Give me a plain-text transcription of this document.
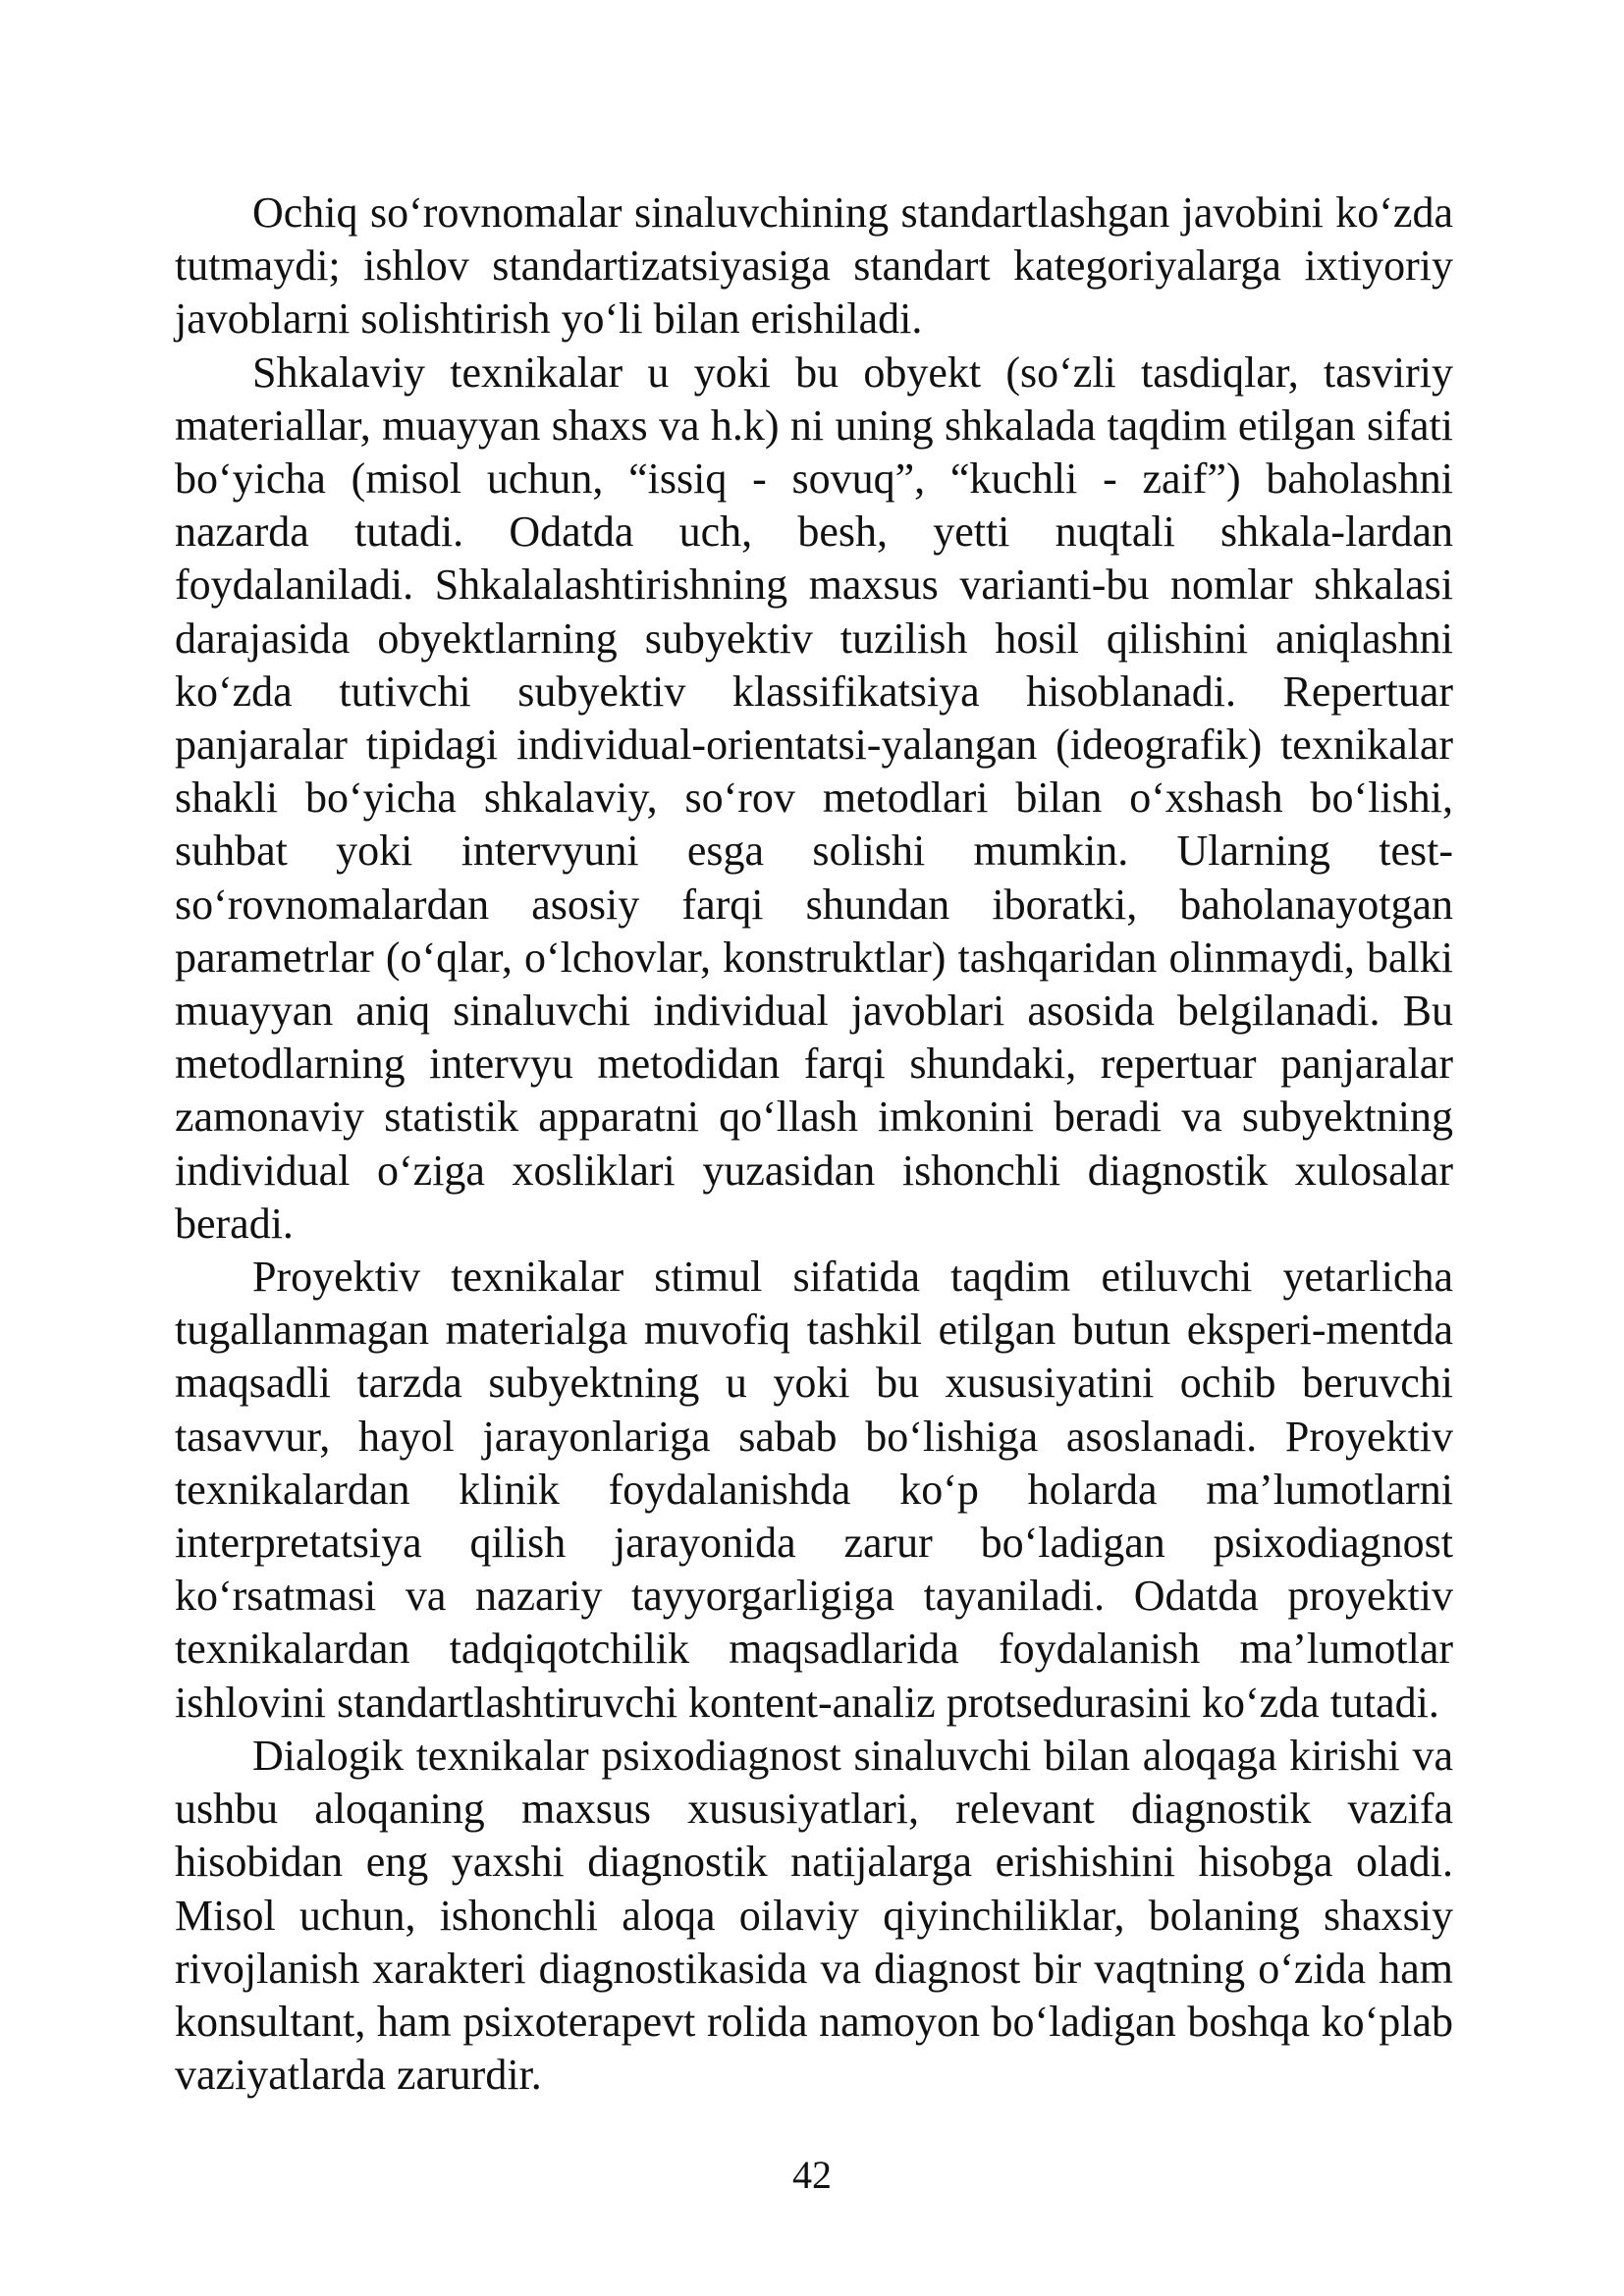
Ochiq so‘rovnomalar sinaluvchining standartlashgan javobini ko‘zda tutmaydi; ishlov standartizatsiyasiga standart kategoriyalarga ixtiyoriy javoblarni solishtirish yo‘li bilan erishiladi.

Shkalaviy texnikalar u yoki bu obyekt (so‘zli tasdiqlar, tasviriy materiallar, muayyan shaxs va h.k) ni uning shkalada taqdim etilgan sifati bo‘yicha (misol uchun, “issiq - sovuq”, “kuchli - zaif”) baholashni nazarda tutadi. Odatda uch, besh, yetti nuqtali shkala-lardan foydalaniladi. Shkalalashtirishning maxsus varianti-bu nomlar shkalasi darajasida obyektlarning subyektiv tuzilish hosil qilishini aniqlashni ko‘zda tutivchi subyektiv klassifikatsiya hisoblanadi. Repertuar panjaralar tipidagi individual-orientatsi-yalangan (ideografik) texnikalar shakli bo‘yicha shkalaviy, so‘rov metodlari bilan o‘xshash bo‘lishi, suhbat yoki intervyuni esga solishi mumkin. Ularning test-so‘rovnomalardan asosiy farqi shundan iboratki, baholanayotgan parametrlar (o‘qlar, o‘lchovlar, konstruktlar) tashqaridan olinmaydi, balki muayyan aniq sinaluvchi individual javoblari asosida belgilanadi. Bu metodlarning intervyu metodidan farqi shundaki, repertuar panjaralar zamonaviy statistik apparatni qo‘llash imkonini beradi va subyektning individual o‘ziga xosliklari yuzasidan ishonchli diagnostik xulosalar beradi.

Proyektiv texnikalar stimul sifatida taqdim etiluvchi yetarlicha tugallanmagan materialga muvofiq tashkil etilgan butun eksperi-mentda maqsadli tarzda subyektning u yoki bu xususiyatini ochib beruvchi tasavvur, hayol jarayonlariga sabab bo‘lishiga asoslanadi. Proyektiv texnikalardan klinik foydalanishda ko‘p holarda ma’lumotlarni interpretatsiya qilish jarayonida zarur bo‘ladigan psixodiagnost ko‘rsatmasi va nazariy tayyorgarligiga tayaniladi. Odatda proyektiv texnikalardan tadqiqotchilik maqsadlarida foydalanish ma’lumotlar ishlovini standartlashtiruvchi kontent-analiz protsedurasini ko‘zda tutadi.

Dialogik texnikalar psixodiagnost sinaluvchi bilan aloqaga kirishi va ushbu aloqaning maxsus xususiyatlari, relevant diagnostik vazifa hisobidan eng yaxshi diagnostik natijalarga erishishini hisobga oladi. Misol uchun, ishonchli aloqa oilaviy qiyinchiliklar, bolaning shaxsiy rivojlanish xarakteri diagnostikasida va diagnost bir vaqtning o‘zida ham konsultant, ham psixoterapevt rolida namoyon bo‘ladigan boshqa ko‘plab vaziyatlarda zarurdir.

42
